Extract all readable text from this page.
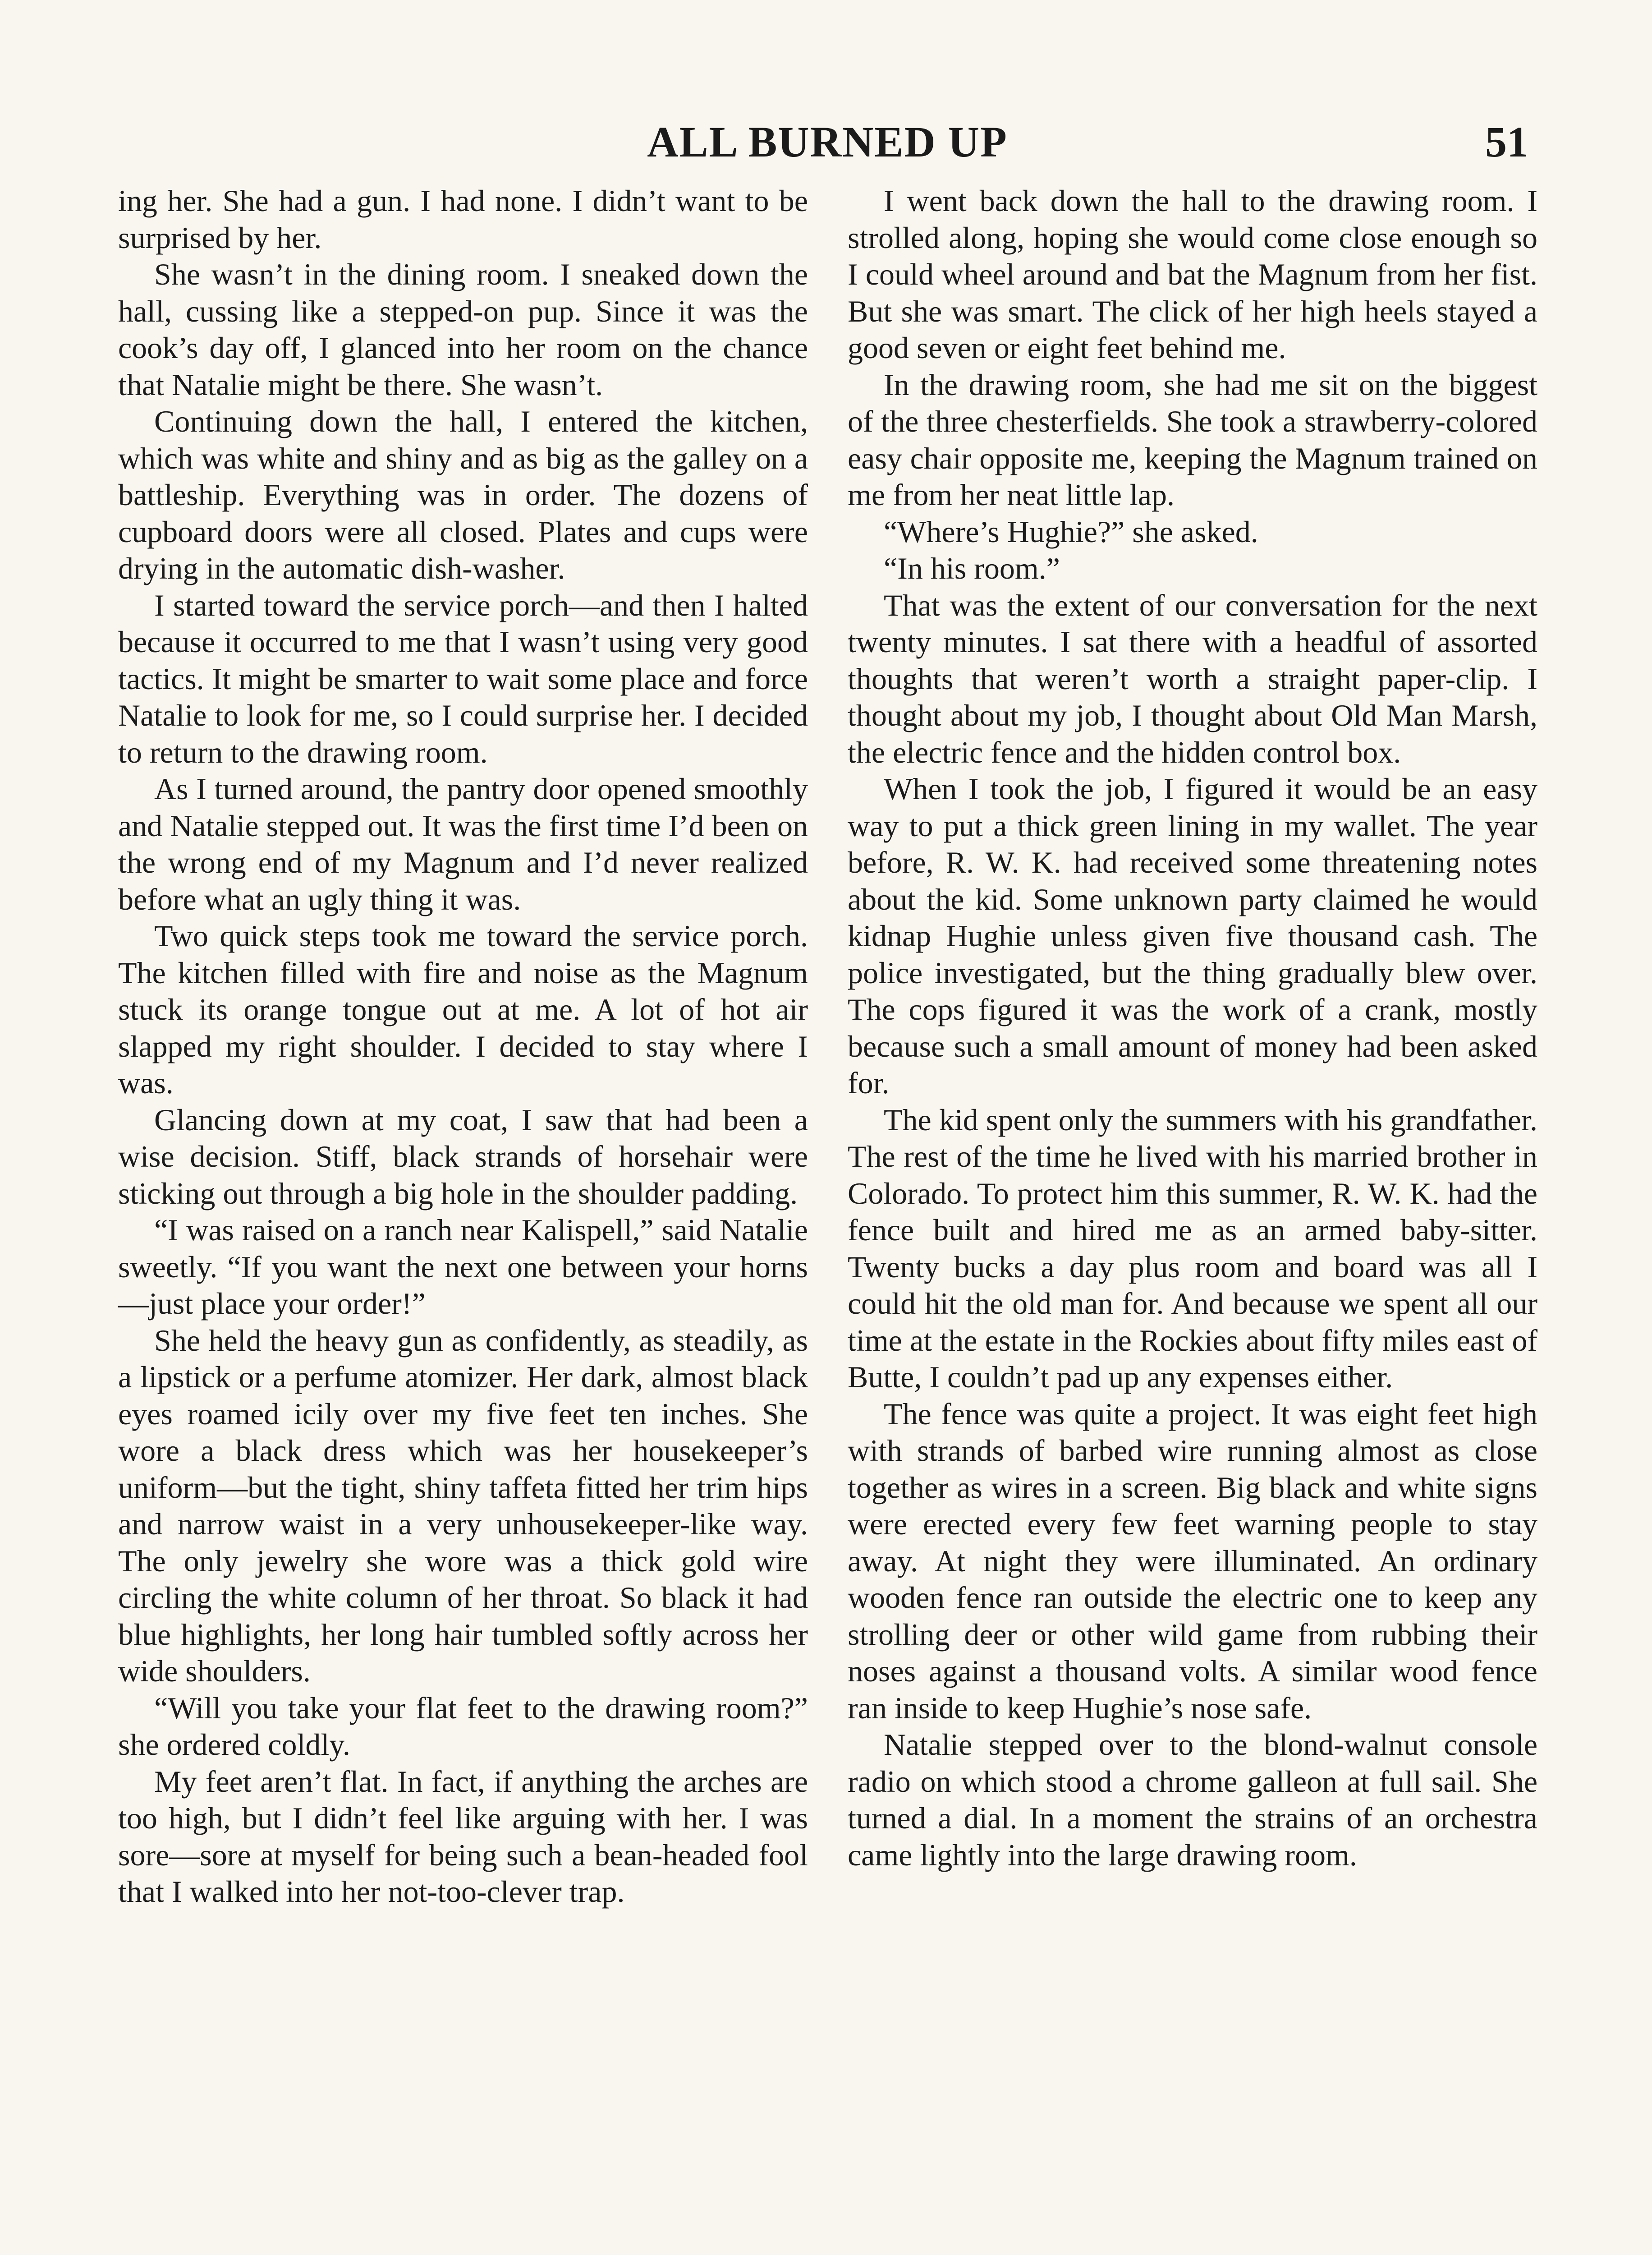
ALL BURNED UP	51

ing her. She had a gun. I had none. I didn’t want to be surprised by her.

She wasn’t in the dining room. I sneaked down the hall, cussing like a stepped-on pup. Since it was the cook’s day off, I glanced into her room on the chance that Natalie might be there. She wasn’t.

Continuing down the hall, I entered the kitchen, which was white and shiny and as big as the galley on a battleship. Everything was in order. The dozens of cupboard doors were all closed. Plates and cups were drying in the automatic dish-washer.

I started toward the service porch—and then I halted because it occurred to me that I wasn’t using very good tactics. It might be smarter to wait some place and force Natalie to look for me, so I could surprise her. I decided to return to the drawing room.

As I turned around, the pantry door opened smoothly and Natalie stepped out. It was the first time I’d been on the wrong end of my Magnum and I’d never realized before what an ugly thing it was.

Two quick steps took me toward the service porch. The kitchen filled with fire and noise as the Magnum stuck its orange tongue out at me. A lot of hot air slapped my right shoulder. I decided to stay where I was.

Glancing down at my coat, I saw that had been a wise decision. Stiff, black strands of horsehair were sticking out through a big hole in the shoulder padding.

“I was raised on a ranch near Kalispell,” said Natalie sweetly. “If you want the next one between your horns—just place your order!”

She held the heavy gun as confidently, as steadily, as a lipstick or a perfume atomizer. Her dark, almost black eyes roamed icily over my five feet ten inches. She wore a black dress which was her housekeeper’s uniform—but the tight, shiny taffeta fitted her trim hips and narrow waist in a very unhousekeeper-like way. The only jewelry she wore was a thick gold wire circling the white column of her throat. So black it had blue highlights, her long hair tumbled softly across her wide shoulders.

“Will you take your flat feet to the drawing room?” she ordered coldly.

My feet aren’t flat. In fact, if anything the arches are too high, but I didn’t feel like arguing with her. I was sore—sore at myself for being such a bean-headed fool that I walked into her not-too-clever trap.

I went back down the hall to the drawing room. I strolled along, hoping she would come close enough so I could wheel around and bat the Magnum from her fist. But she was smart. The click of her high heels stayed a good seven or eight feet behind me.

In the drawing room, she had me sit on the biggest of the three chesterfields. She took a strawberry-colored easy chair opposite me, keeping the Magnum trained on me from her neat little lap.

“Where’s Hughie?” she asked.

“In his room.”

That was the extent of our conversation for the next twenty minutes. I sat there with a headful of assorted thoughts that weren’t worth a straight paper-clip. I thought about my job, I thought about Old Man Marsh, the electric fence and the hidden control box.

When I took the job, I figured it would be an easy way to put a thick green lining in my wallet. The year before, R. W. K. had received some threatening notes about the kid. Some unknown party claimed he would kidnap Hughie unless given five thousand cash. The police investigated, but the thing gradually blew over. The cops figured it was the work of a crank, mostly because such a small amount of money had been asked for.

The kid spent only the summers with his grandfather. The rest of the time he lived with his married brother in Colorado. To protect him this summer, R. W. K. had the fence built and hired me as an armed baby-sitter. Twenty bucks a day plus room and board was all I could hit the old man for. And because we spent all our time at the estate in the Rockies about fifty miles east of Butte, I couldn’t pad up any expenses either.

The fence was quite a project. It was eight feet high with strands of barbed wire running almost as close together as wires in a screen. Big black and white signs were erected every few feet warning people to stay away. At night they were illuminated. An ordinary wooden fence ran outside the electric one to keep any strolling deer or other wild game from rubbing their noses against a thousand volts. A similar wood fence ran inside to keep Hughie’s nose safe.

Natalie stepped over to the blond-walnut console radio on which stood a chrome galleon at full sail. She turned a dial. In a moment the strains of an orchestra came lightly into the large drawing room.
